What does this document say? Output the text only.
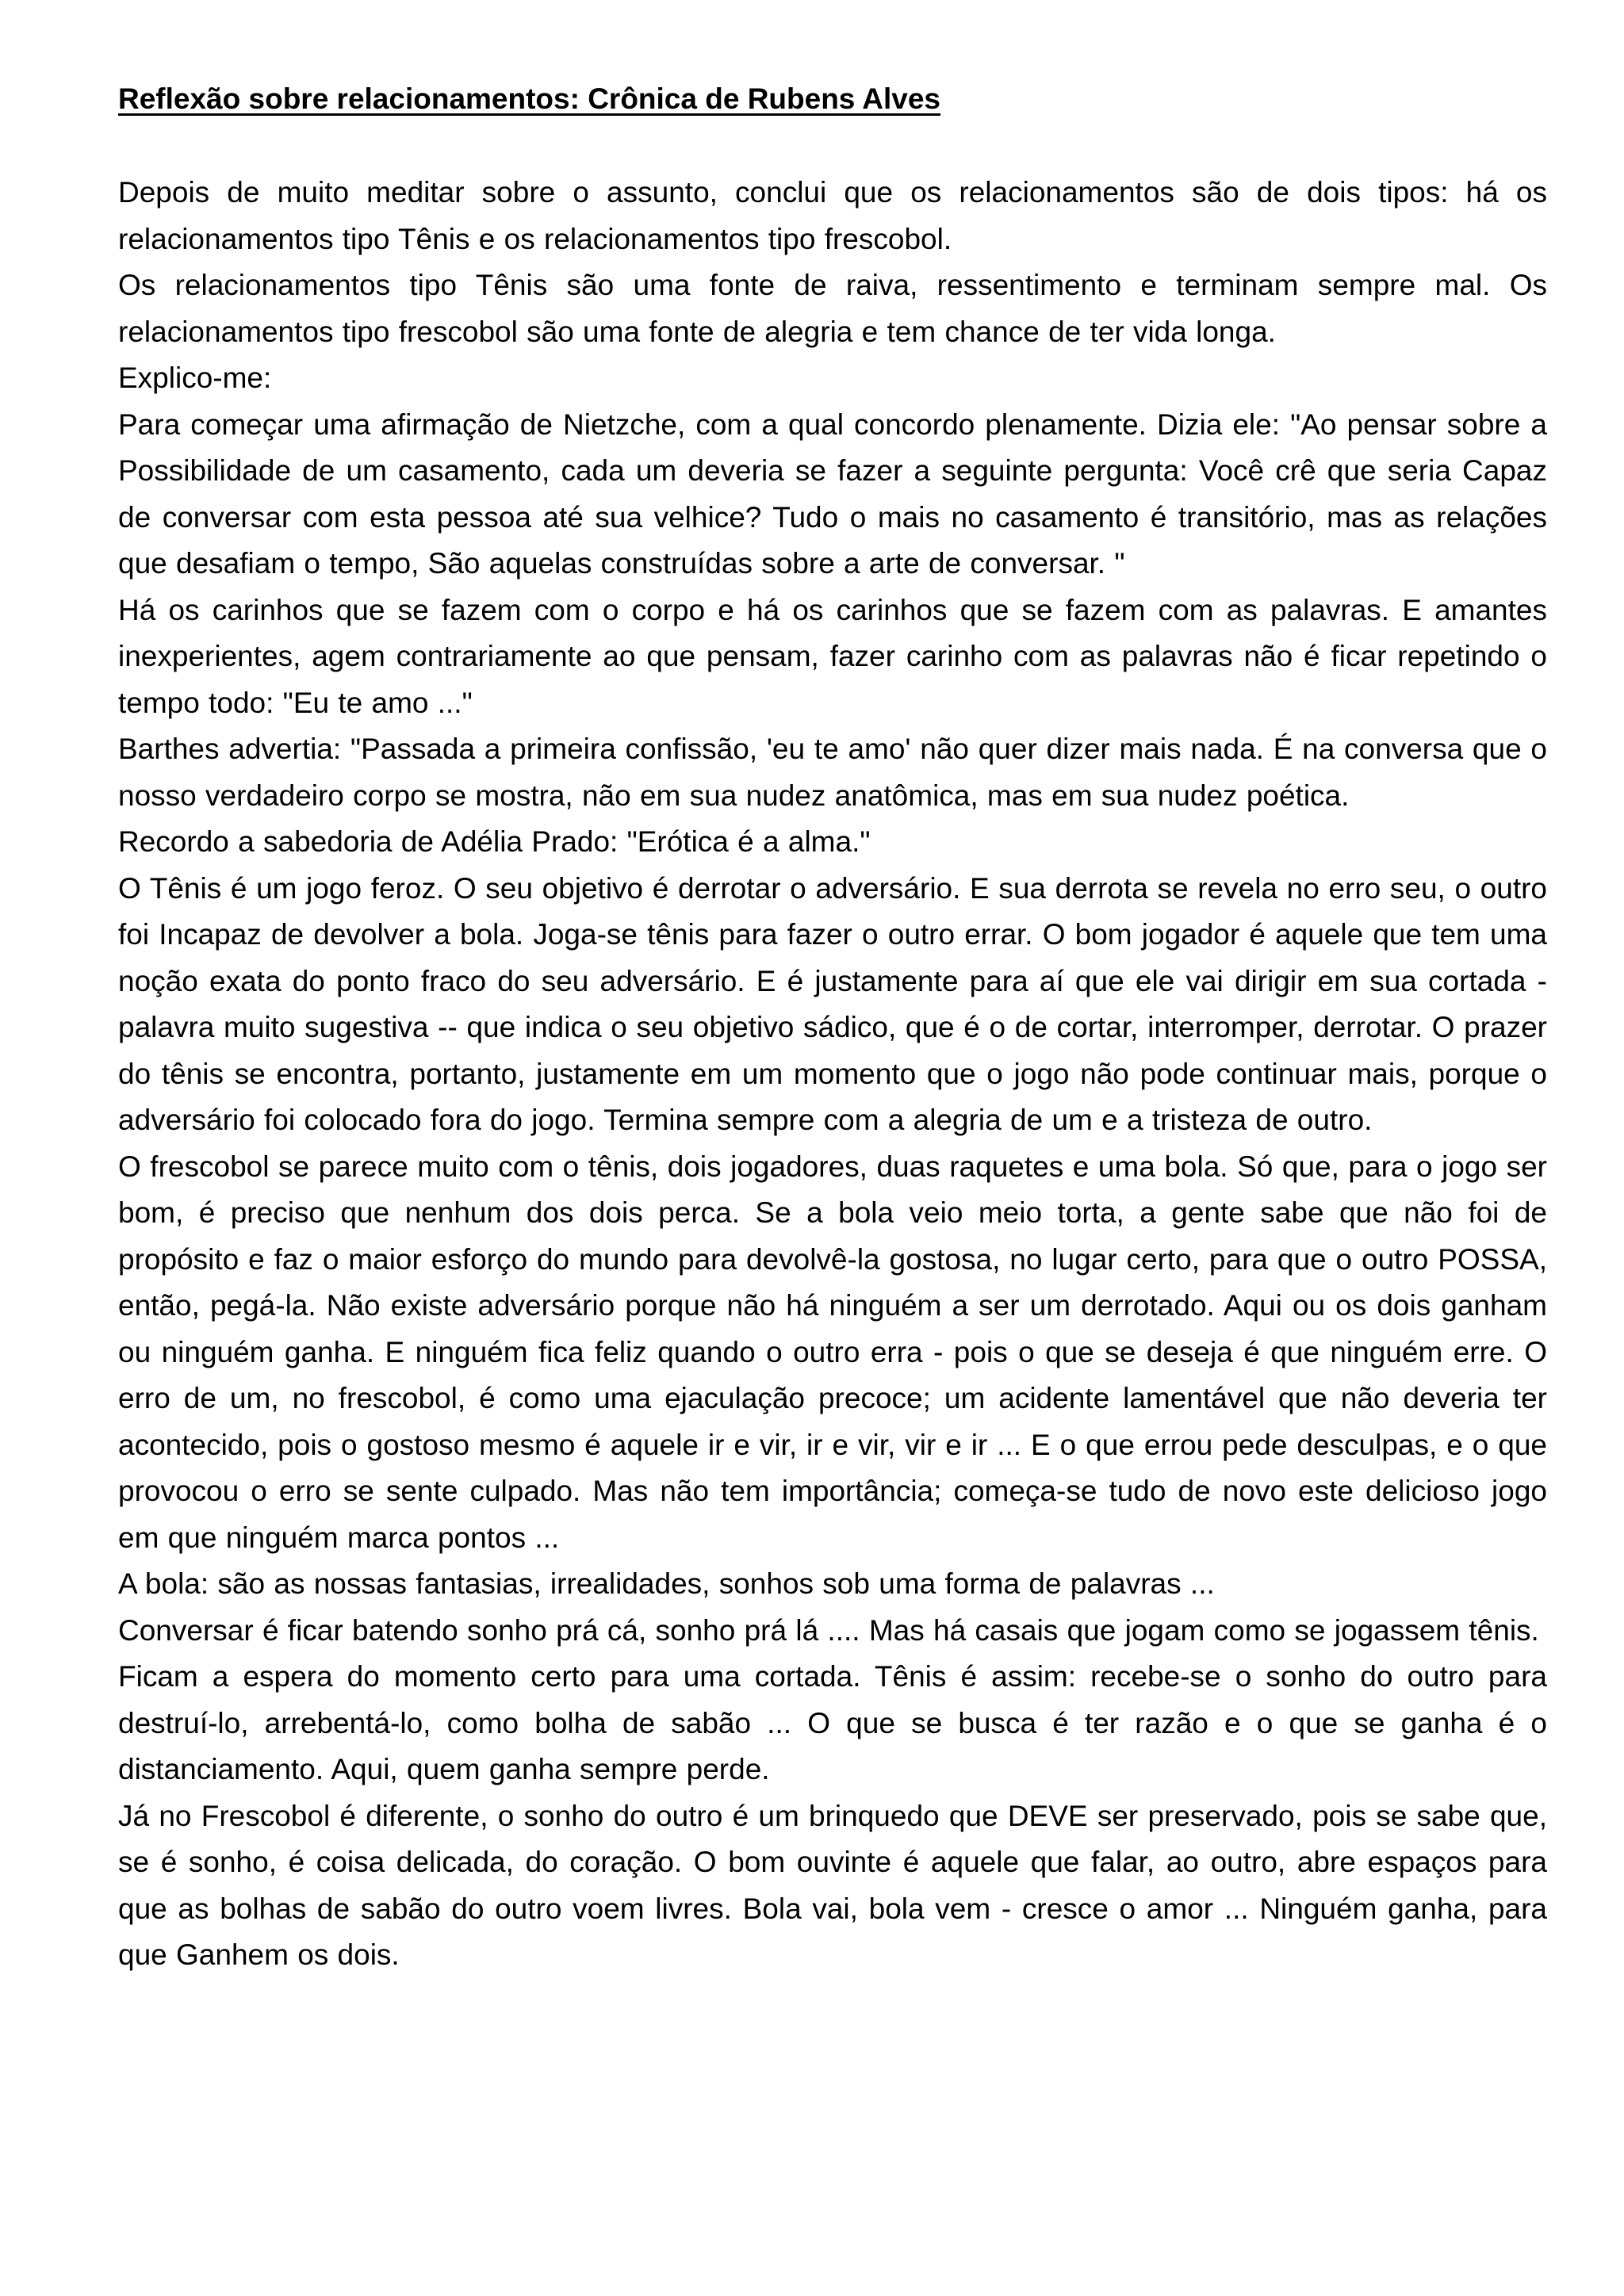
Reflexão sobre relacionamentos: Crônica de Rubens Alves

Depois de muito meditar sobre o assunto, conclui que os relacionamentos são de dois tipos: há os relacionamentos tipo Tênis e os relacionamentos tipo frescobol.

Os relacionamentos tipo Tênis são uma fonte de raiva, ressentimento e terminam sempre mal. Os relacionamentos tipo frescobol são uma fonte de alegria e tem chance de ter vida longa.

Explico-me:

Para começar uma afirmação de Nietzche, com a qual concordo plenamente. Dizia ele: "Ao pensar sobre a Possibilidade de um casamento, cada um deveria se fazer a seguinte pergunta: Você crê que seria Capaz de conversar com esta pessoa até sua velhice? Tudo o mais no casamento é transitório, mas as relações que desafiam o tempo, São aquelas construídas sobre a arte de conversar. "

Há os carinhos que se fazem com o corpo e há os carinhos que se fazem com as palavras. E amantes inexperientes, agem contrariamente ao que pensam, fazer carinho com as palavras não é ficar repetindo o tempo todo: "Eu te amo ..."

Barthes advertia: "Passada a primeira confissão, 'eu te amo' não quer dizer mais nada. É na conversa que o nosso verdadeiro corpo se mostra, não em sua nudez anatômica, mas em sua nudez poética.

Recordo a sabedoria de Adélia Prado: "Erótica é a alma."

O Tênis é um jogo feroz. O seu objetivo é derrotar o adversário. E sua derrota se revela no erro seu, o outro foi Incapaz de devolver a bola. Joga-se tênis para fazer o outro errar. O bom jogador é aquele que tem uma noção exata do ponto fraco do seu adversário. E é justamente para aí que ele vai dirigir em sua cortada - palavra muito sugestiva -- que indica o seu objetivo sádico, que é o de cortar, interromper, derrotar. O prazer do tênis se encontra, portanto, justamente em um momento que o jogo não pode continuar mais, porque o adversário foi colocado fora do jogo. Termina sempre com a alegria de um e a tristeza de outro.

O frescobol se parece muito com o tênis, dois jogadores, duas raquetes e uma bola. Só que, para o jogo ser bom, é preciso que nenhum dos dois perca. Se a bola veio meio torta, a gente sabe que não foi de propósito e faz o maior esforço do mundo para devolvê-la gostosa, no lugar certo, para que o outro POSSA, então, pegá-la. Não existe adversário porque não há ninguém a ser um derrotado. Aqui ou os dois ganham ou ninguém ganha. E ninguém fica feliz quando o outro erra - pois o que se deseja é que ninguém erre. O erro de um, no frescobol, é como uma ejaculação precoce; um acidente lamentável que não deveria ter acontecido, pois o gostoso mesmo é aquele ir e vir, ir e vir, vir e ir ... E o que errou pede desculpas, e o que provocou o erro se sente culpado. Mas não tem importância; começa-se tudo de novo este delicioso jogo em que ninguém marca pontos ...

A bola: são as nossas fantasias, irrealidades, sonhos sob uma forma de palavras ...

Conversar é ficar batendo sonho prá cá, sonho prá lá .... Mas há casais que jogam como se jogassem tênis.

Ficam a espera do momento certo para uma cortada. Tênis é assim: recebe-se o sonho do outro para destruí-lo, arrebentá-lo, como bolha de sabão ... O que se busca é ter razão e o que se ganha é o distanciamento. Aqui, quem ganha sempre perde.

Já no Frescobol é diferente, o sonho do outro é um brinquedo que DEVE ser preservado, pois se sabe que, se é sonho, é coisa delicada, do coração. O bom ouvinte é aquele que falar, ao outro, abre espaços para que as bolhas de sabão do outro voem livres. Bola vai, bola vem - cresce o amor ... Ninguém ganha, para que Ganhem os dois.
